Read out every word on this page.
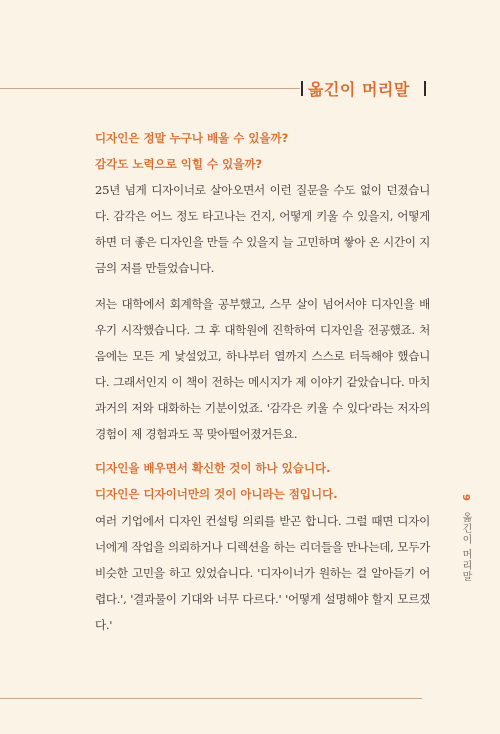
옮긴이 머리말
디자인은 정말 누구나 배울 수 있을까?
감각도 노력으로 익힐 수 있을까?
25년 넘게 디자이너로 살아오면서 이런 질문을 수도 없이 던졌습니다. 감각은 어느 정도 타고나는 건지, 어떻게 키울 수 있을지, 어떻게 하면 더 좋은 디자인을 만들 수 있을지 늘 고민하며 쌓아 온 시간이 지금의 저를 만들었습니다.
저는 대학에서 회계학을 공부했고, 스무 살이 넘어서야 디자인을 배우기 시작했습니다. 그 후 대학원에 진학하여 디자인을 전공했죠. 처음에는 모든 게 낯설었고, 하나부터 열까지 스스로 터득해야 했습니다. 그래서인지 이 책이 전하는 메시지가 제 이야기 같았습니다. 마치 과거의 저와 대화하는 기분이었죠. '감각은 키울 수 있다'라는 저자의 경험이 제 경험과도 꼭 맞아떨어졌거든요.
디자인을 배우면서 확신한 것이 하나 있습니다.
디자인은 디자이너만의 것이 아니라는 점입니다.
여러 기업에서 디자인 컨설팅 의뢰를 받곤 합니다. 그럴 때면 디자이너에게 작업을 의뢰하거나 디렉션을 하는 리더들을 만나는데, 모두가 비슷한 고민을 하고 있었습니다. '디자이너가 원하는 걸 알아듣기 어렵다.', '결과물이 기대와 너무 다르다.' '어떻게 설명해야 할지 모르겠다.'
9 옮긴이 머리말
